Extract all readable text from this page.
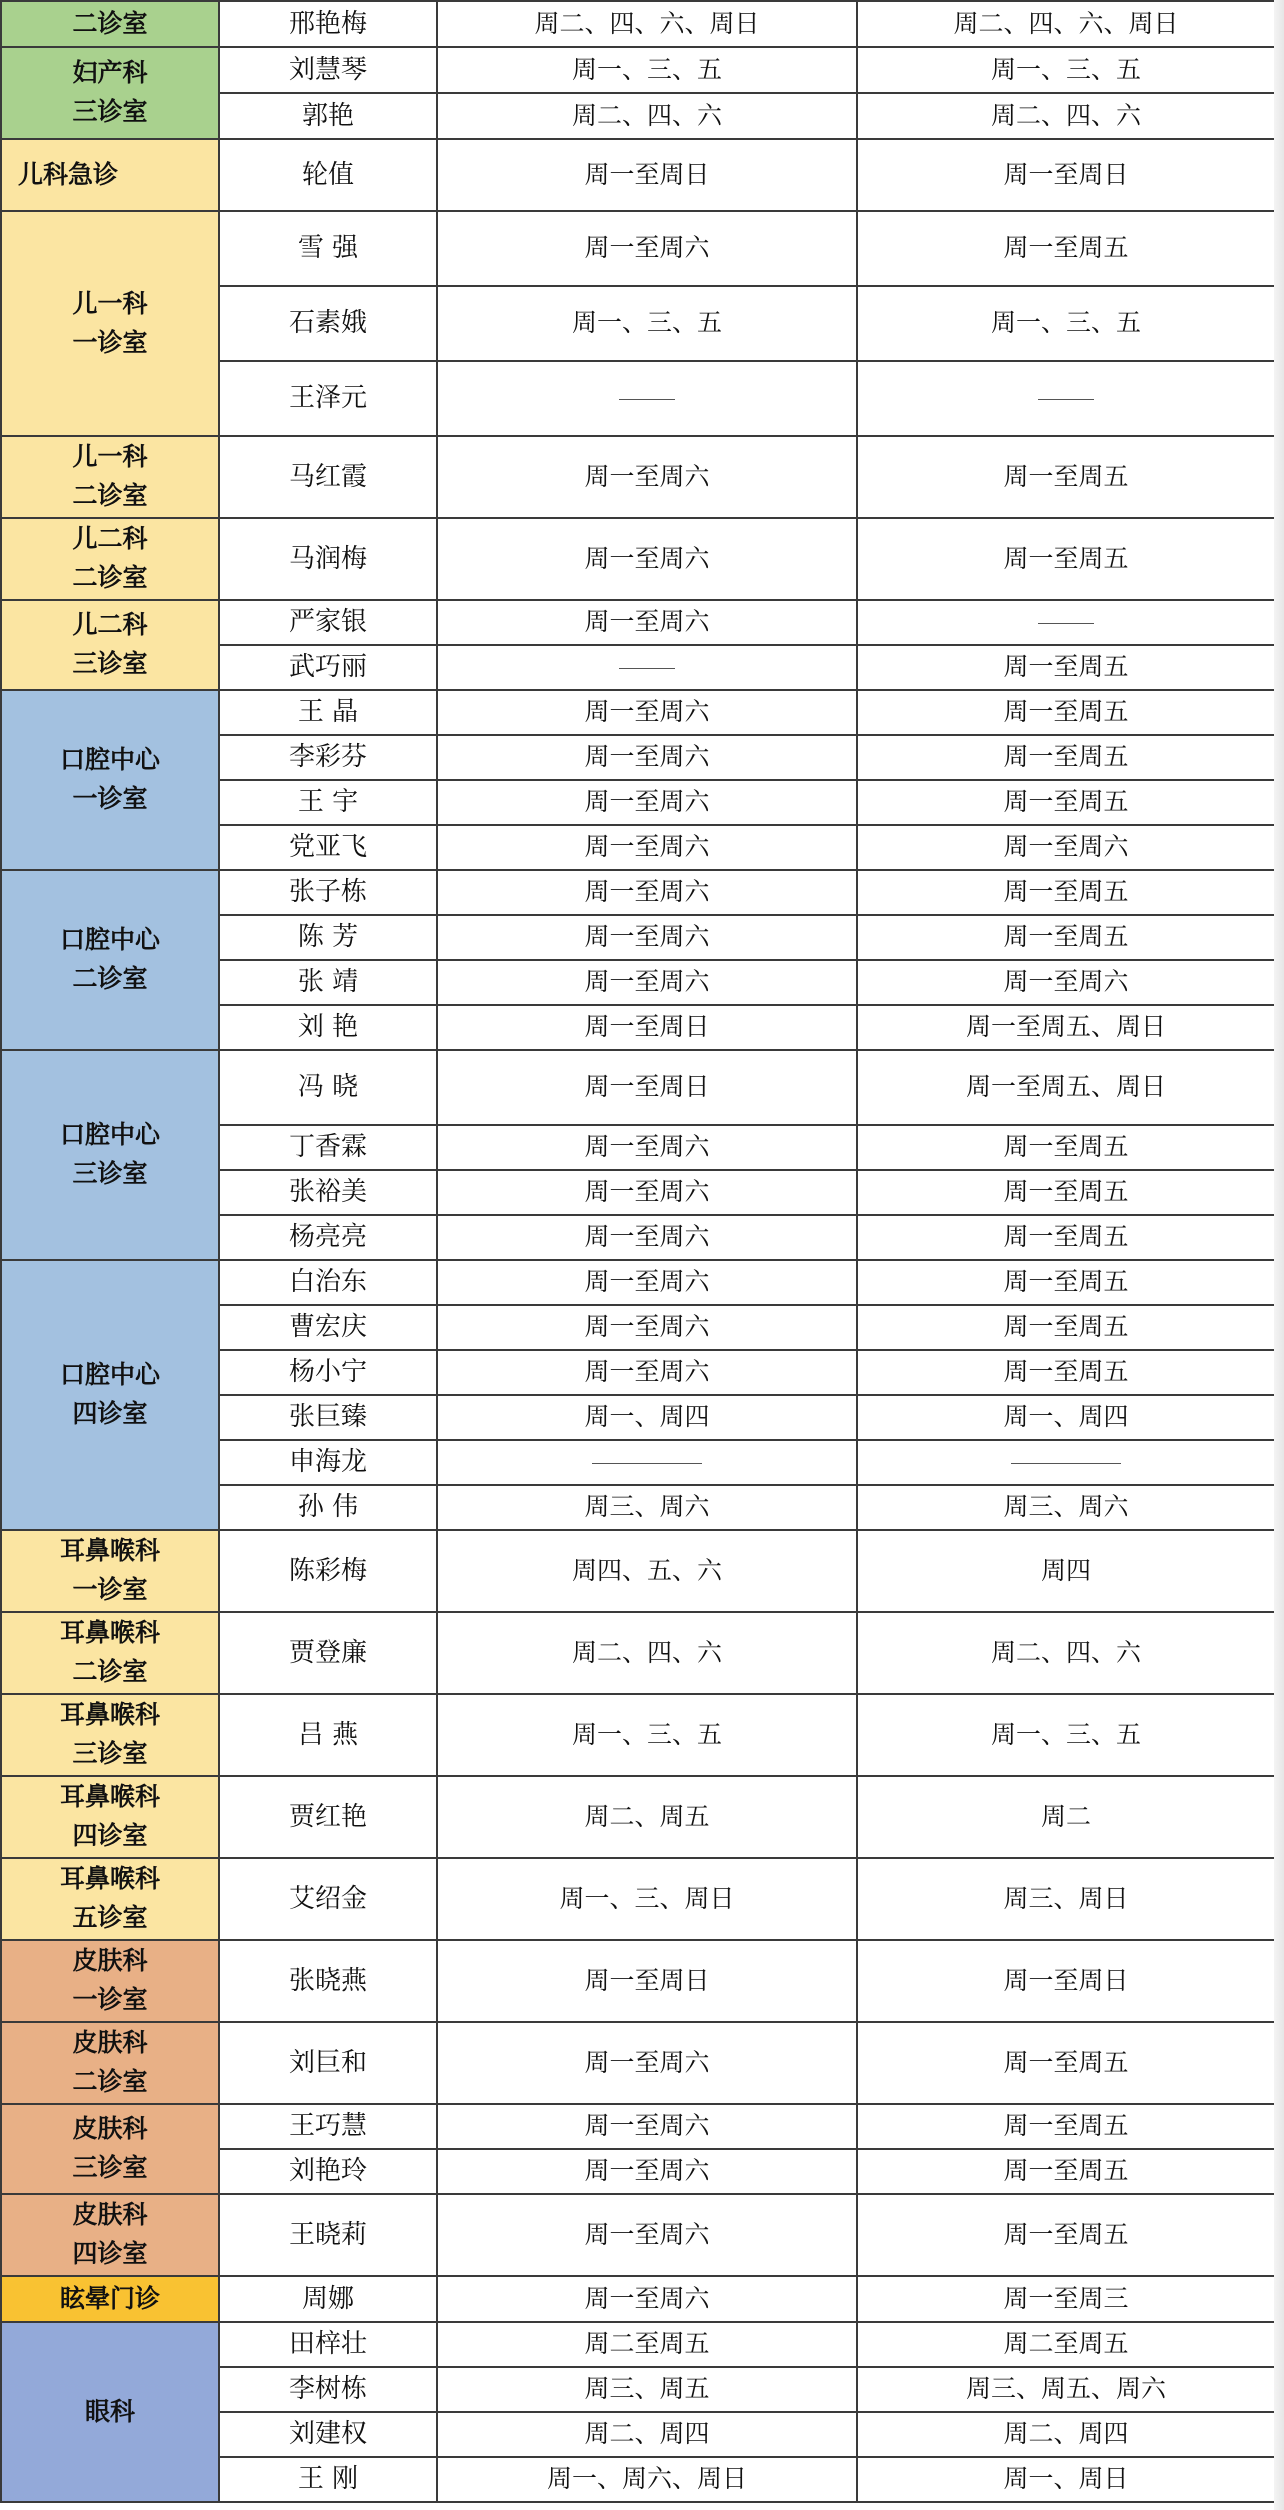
二诊室	邢艳梅	周二、四、六、周日	周二、四、六、周日
妇产科
三诊室	刘慧琴	周一、三、五	周一、三、五
	郭艳	周二、四、六	周二、四、六
儿科急诊	轮值	周一至周日	周一至周日
儿一科
一诊室	雪 强	周一至周六	周一至周五
	石素娥	周一、三、五	周一、三、五
	王泽元		
儿一科
二诊室	马红霞	周一至周六	周一至周五
儿二科
二诊室	马润梅	周一至周六	周一至周五
儿二科
三诊室	严家银	周一至周六	
	武巧丽		周一至周五
口腔中心
一诊室	王 晶	周一至周六	周一至周五
	李彩芬	周一至周六	周一至周五
	王 宇	周一至周六	周一至周五
	党亚飞	周一至周六	周一至周六
口腔中心
二诊室	张子栋	周一至周六	周一至周五
	陈 芳	周一至周六	周一至周五
	张 靖	周一至周六	周一至周六
	刘 艳	周一至周日	周一至周五、周日
口腔中心
三诊室	冯 晓	周一至周日	周一至周五、周日
	丁香霖	周一至周六	周一至周五
	张裕美	周一至周六	周一至周五
	杨亮亮	周一至周六	周一至周五
口腔中心
四诊室	白治东	周一至周六	周一至周五
	曹宏庆	周一至周六	周一至周五
	杨小宁	周一至周六	周一至周五
	张巨臻	周一、周四	周一、周四
	申海龙		
	孙 伟	周三、周六	周三、周六
耳鼻喉科
一诊室	陈彩梅	周四、五、六	周四
耳鼻喉科
二诊室	贾登廉	周二、四、六	周二、四、六
耳鼻喉科
三诊室	吕 燕	周一、三、五	周一、三、五
耳鼻喉科
四诊室	贾红艳	周二、周五	周二
耳鼻喉科
五诊室	艾绍金	周一、三、周日	周三、周日
皮肤科
一诊室	张晓燕	周一至周日	周一至周日
皮肤科
二诊室	刘巨和	周一至周六	周一至周五
皮肤科
三诊室	王巧慧	周一至周六	周一至周五
	刘艳玲	周一至周六	周一至周五
皮肤科
四诊室	王晓莉	周一至周六	周一至周五
眩晕门诊	周娜	周一至周六	周一至周三
眼科	田梓壮	周二至周五	周二至周五
	李树栋	周三、周五	周三、周五、周六
	刘建权	周二、周四	周二、周四
	王 刚	周一、周六、周日	周一、周日
